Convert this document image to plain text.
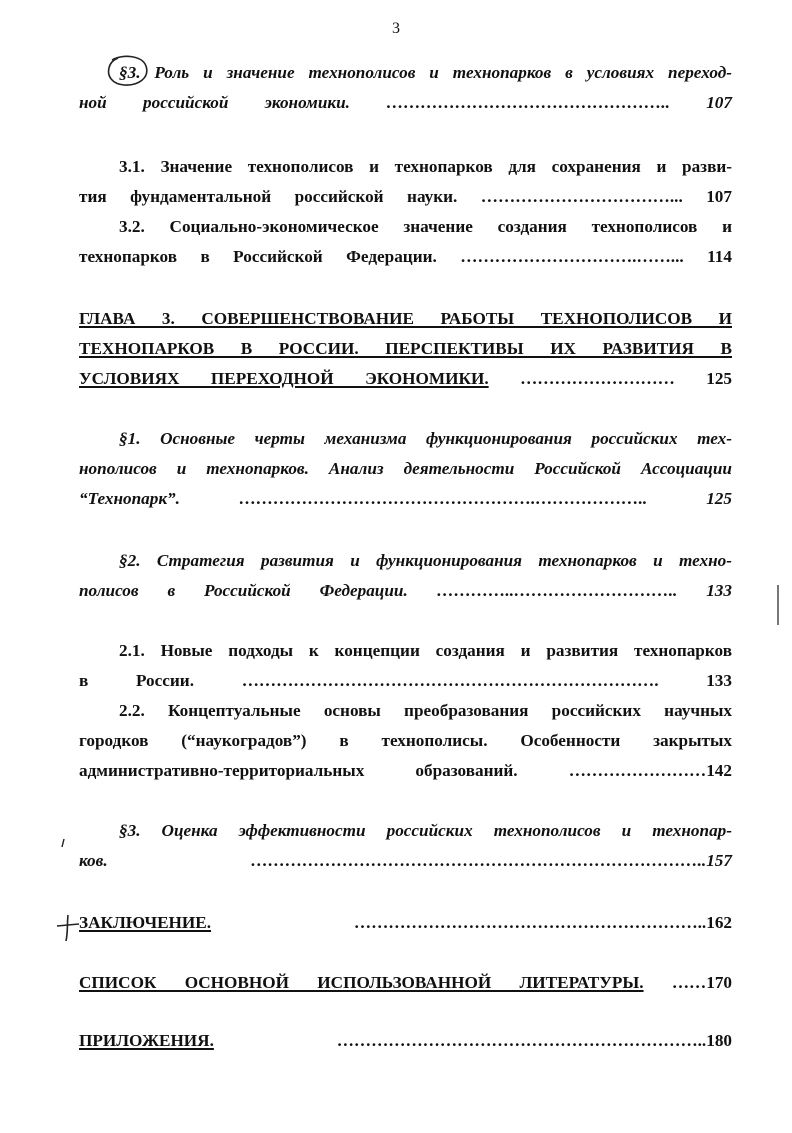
3
§3. Роль и значение технополисов и технопарков в условиях переход-
ной российской экономики. ………………………………………….. 107
3.1. Значение технополисов и технопарков для сохранения и разви-
тия фундаментальной российской науки. ……………………………... 107
3.2. Социально-экономическое значение создания технополисов и
технопарков в Российской Федерации. ………………………….……... 114
ГЛАВА 3. СОВЕРШЕНСТВОВАНИЕ РАБОТЫ ТЕХНОПОЛИСОВ И
ТЕХНОПАРКОВ В РОССИИ. ПЕРСПЕКТИВЫ ИХ РАЗВИТИЯ В
УСЛОВИЯХ ПЕРЕХОДНОЙ ЭКОНОМИКИ. ……………………… 125
§1. Основные черты механизма функционирования российских тех-
нополисов и технопарков. Анализ деятельности Российской Ассоциации
“Технопарк”. …………………………………………….……………….. 125
§2. Стратегия развития и функционирования технопарков и техно-
полисов в Российской Федерации. …………..……………………….. 133
2.1. Новые подходы к концепции создания и развития технопарков
в России. ………………………………………………………………. 133
2.2. Концептуальные основы преобразования российских научных
городков (“наукоградов”) в технополисы. Особенности закрытых
административно-территориальных образований. ……………………142
§3. Оценка эффективности российских технополисов и технопар-
ков. ……………………………………………………………………..157
ЗАКЛЮЧЕНИЕ. ……………………………………………………..162
СПИСОК ОСНОВНОЙ ИСПОЛЬЗОВАННОЙ ЛИТЕРАТУРЫ. ……170
ПРИЛОЖЕНИЯ. ………………………………………………………..180
